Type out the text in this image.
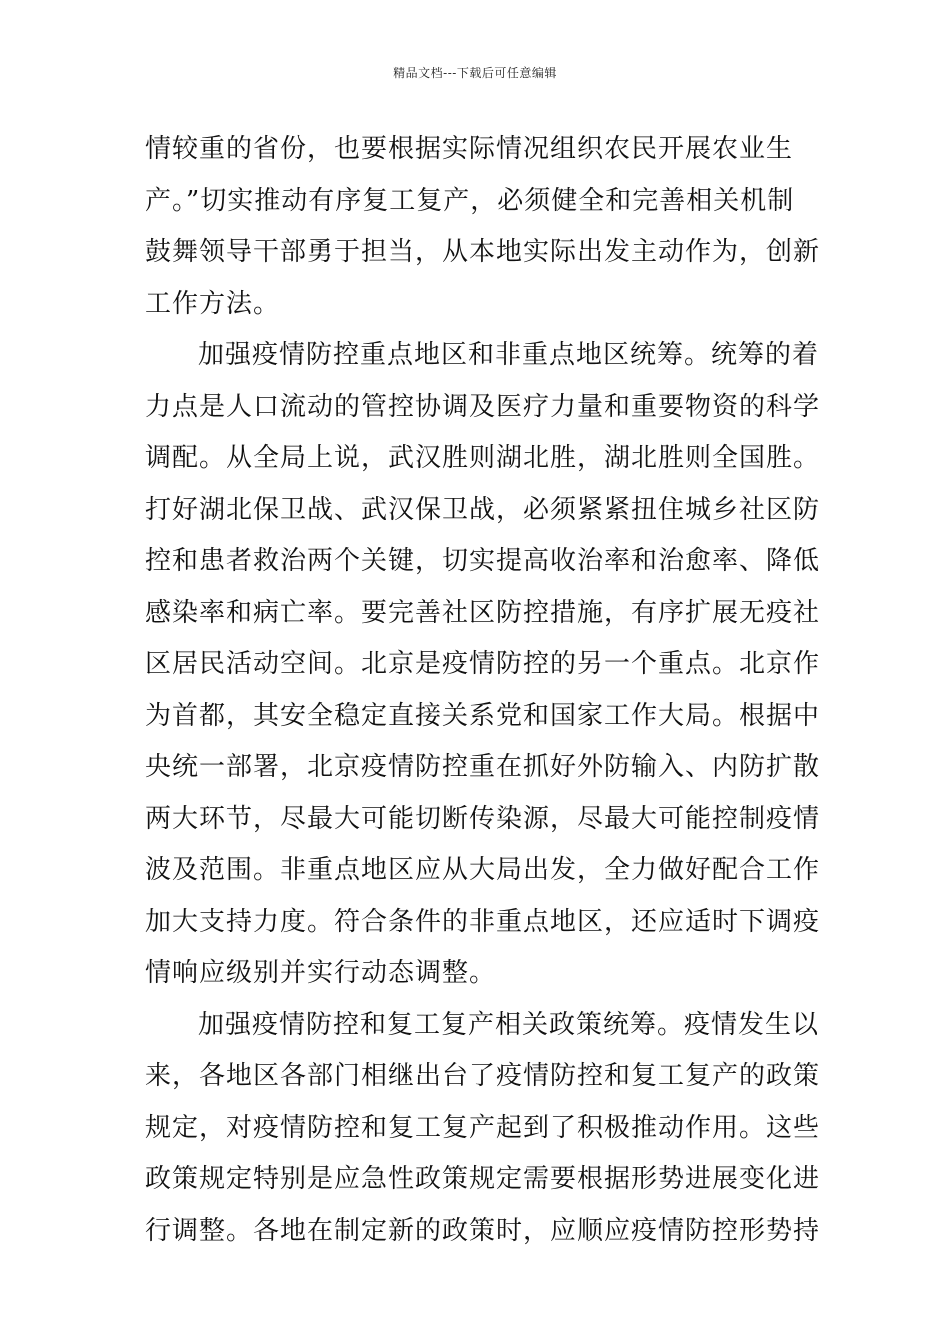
精品文档---下载后可任意编辑
情较重的省份，也要根据实际情况组织农民开展农业生
产。”切实推动有序复工复产，必须健全和完善相关机制
鼓舞领导干部勇于担当，从本地实际出发主动作为，创新
工作方法。
加强疫情防控重点地区和非重点地区统筹。统筹的着
力点是人口流动的管控协调及医疗力量和重要物资的科学
调配。从全局上说，武汉胜则湖北胜，湖北胜则全国胜。
打好湖北保卫战、武汉保卫战，必须紧紧扭住城乡社区防
控和患者救治两个关键，切实提高收治率和治愈率、降低
感染率和病亡率。要完善社区防控措施，有序扩展无疫社
区居民活动空间。北京是疫情防控的另一个重点。北京作
为首都，其安全稳定直接关系党和国家工作大局。根据中
央统一部署，北京疫情防控重在抓好外防输入、内防扩散
两大环节，尽最大可能切断传染源，尽最大可能控制疫情
波及范围。非重点地区应从大局出发，全力做好配合工作
加大支持力度。符合条件的非重点地区，还应适时下调疫
情响应级别并实行动态调整。
加强疫情防控和复工复产相关政策统筹。疫情发生以
来，各地区各部门相继出台了疫情防控和复工复产的政策
规定，对疫情防控和复工复产起到了积极推动作用。这些
政策规定特别是应急性政策规定需要根据形势进展变化进
行调整。各地在制定新的政策时，应顺应疫情防控形势持
